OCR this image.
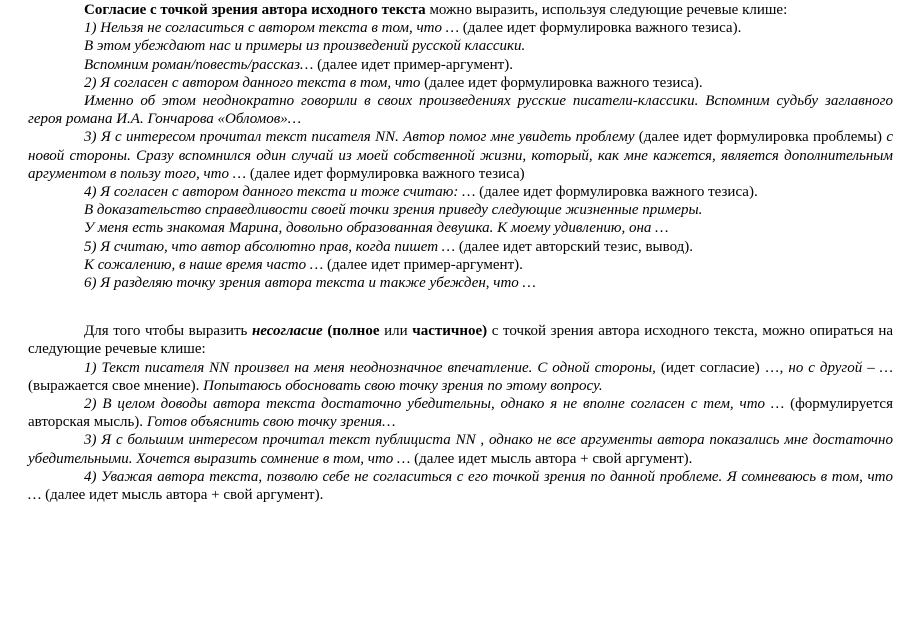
Согласие с точкой зрения автора исходного текста можно выразить, используя следующие речевые клише:

1) Нельзя не согласиться с автором текста в том, что … (далее идет формулировка важного тезиса).

В этом убеждают нас и примеры из произведений русской классики.

Вспомним роман/повесть/рассказ… (далее идет пример-аргумент).

2) Я согласен с автором данного текста в том, что (далее идет формулировка важного тезиса).

Именно об этом неоднократно говорили в своих произведениях русские писатели-классики. Вспомним судьбу заглавного героя романа И.А. Гончарова «Обломов»…

3) Я с интересом прочитал текст писателя NN. Автор помог мне увидеть проблему (далее идет формулировка проблемы) с новой стороны. Сразу вспомнился один случай из моей собственной жизни, который, как мне кажется, является дополнительным аргументом в пользу того, что … (далее идет формулировка важного тезиса)

4) Я согласен с автором данного текста и тоже считаю: … (далее идет формулировка важного тезиса).

В доказательство справедливости своей точки зрения приведу следующие жизненные примеры.

У меня есть знакомая Марина, довольно образованная девушка. К моему удивлению, она …

5) Я считаю, что автор абсолютно прав, когда пишет … (далее идет авторский тезис, вывод).

К сожалению, в наше время часто … (далее идет пример-аргумент).

6) Я разделяю точку зрения автора текста и также убежден, что …

Для того чтобы выразить несогласие (полное или частичное) с точкой зрения автора исходного текста, можно опираться на следующие речевые клише:

1) Текст писателя NN произвел на меня неоднозначное впечатление. С одной стороны, (идет согласие) …, но с другой – … (выражается свое мнение). Попытаюсь обосновать свою точку зрения по этому вопросу.

2) В целом доводы автора текста достаточно убедительны, однако я не вполне согласен с тем, что … (формулируется авторская мысль). Готов объяснить свою точку зрения…

3) Я с большим интересом прочитал текст публициста NN , однако не все аргументы автора показались мне достаточно убедительными. Хочется выразить сомнение в том, что … (далее идет мысль автора + свой аргумент).

4) Уважая автора текста, позволю себе не согласиться с его точкой зрения по данной проблеме. Я сомневаюсь в том, что … (далее идет мысль автора + свой аргумент).
